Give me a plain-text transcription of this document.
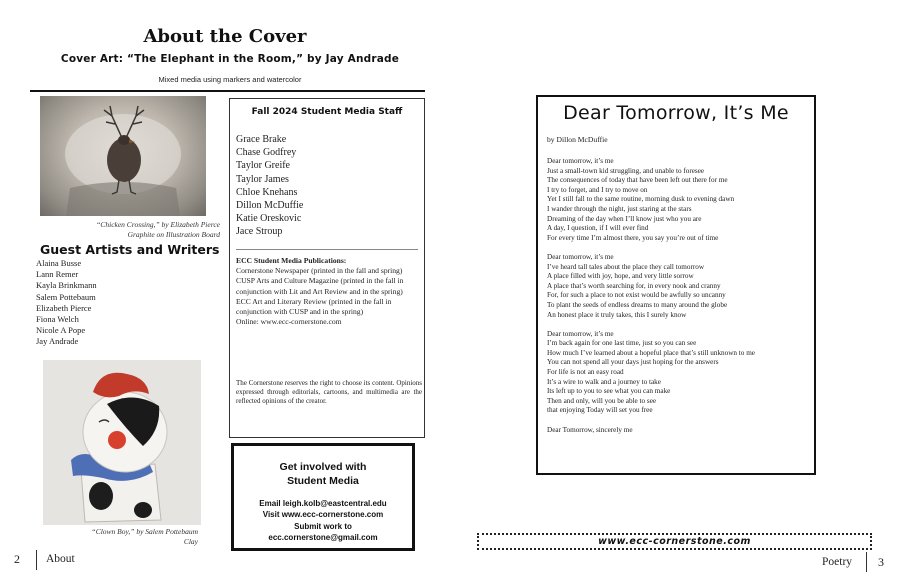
About the Cover
Cover Art: “The Elephant in the Room,” by Jay Andrade
Mixed media using markers and watercolor
“Chicken Crossing,” by Elizabeth Pierce
Graphite on Illustration Board
Guest Artists and Writers
Alaina Busse
Lann Remer
Kayla Brinkmann
Salem Pottebaum
Elizabeth Pierce
Fiona Welch
Nicole A Pope
Jay Andrade
“Clown Boy,” by Salem Pottebaum
Clay
Fall 2024 Student Media Staff
Grace Brake
Chase Godfrey
Taylor Greife
Taylor James
Chloe Knehans
Dillon McDuffie
Katie Oreskovic
Jace Stroup
ECC Student Media Publications:
Cornerstone Newspaper (printed in the fall and spring)
CUSP Arts and Culture Magazine (printed in the fall in conjunction with Lit and Art Review and in the spring)
ECC Art and Literary Review (printed in the fall in conjunction with CUSP and in the spring)
Online: www.ecc-cornerstone.com
The Cornerstone reserves the right to choose its content. Opinions expressed through editorials, cartoons, and multimedia are the reflected opinions of the creator.
Get involved with
Student Media
Email leigh.kolb@eastcentral.edu
Visit www.ecc-cornerstone.com
Submit work to
ecc.cornerstone@gmail.com
2 About
Dear Tomorrow, It’s Me
by Dillon McDuffie
Dear tomorrow, it’s me
Just a small-town kid struggling, and unable to foresee
The consequences of today that have been left out there for me
I try to forget, and I try to move on
Yet I still fall to the same routine, morning dusk to evening dawn
I wander through the night, just staring at the stars
Dreaming of the day when I’ll know just who you are
A day, I question, if I will ever find
For every time I’m almost there, you say you’re out of time
Dear tomorrow, it’s me
I’ve heard tall tales about the place they call tomorrow
A place filled with joy, hope, and very little sorrow
A place that’s worth searching for, in every nook and cranny
For, for such a place to not exist would be awfully so uncanny
To plant the seeds of endless dreams to many around the globe
An honest place it truly takes, this I surely know
Dear tomorrow, it’s me
I’m back again for one last time, just so you can see
How much I’ve learned about a hopeful place that’s still unknown to me
You can not spend all your days just hoping for the answers
For life is not an easy road
It’s a wire to walk and a journey to take
Its left up to you to see what you can make
Then and only, will you be able to see
that enjoying Today will set you free
Dear Tomorrow, sincerely me
www.ecc-cornerstone.com
Poetry 3
